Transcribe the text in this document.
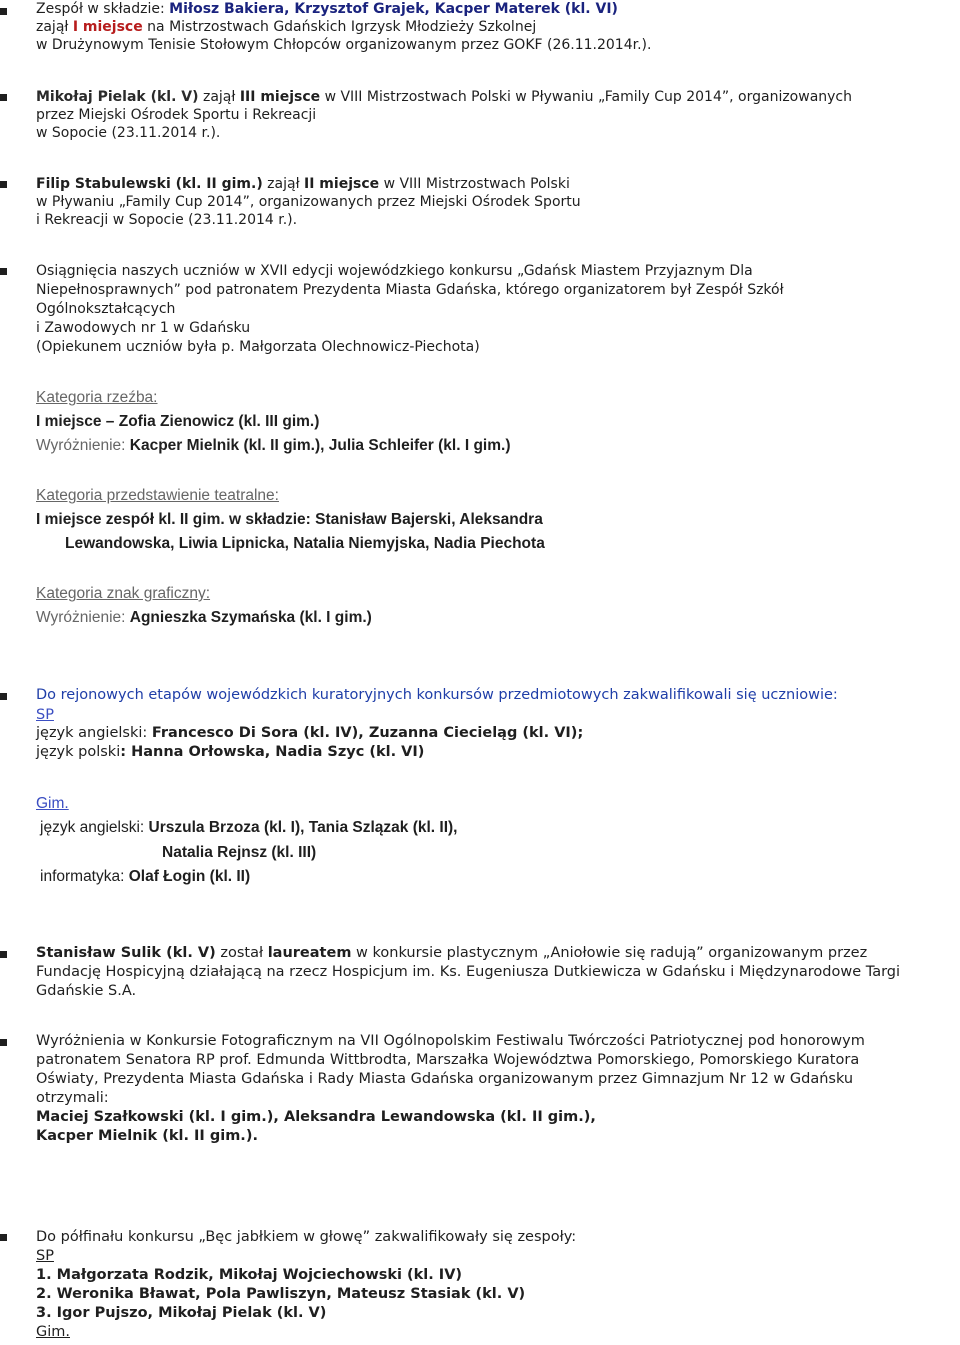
Zespół w składzie: Miłosz Bakiera, Krzysztof Grajek, Kacper Materek (kl. VI)
zajął I miejsce na Mistrzostwach Gdańskich Igrzysk Młodzieży Szkolnej
w Drużynowym Tenisie Stołowym Chłopców organizowanym przez GOKF (26.11.2014r.).
Mikołaj Pielak (kl. V) zajął III miejsce w VIII Mistrzostwach Polski w Pływaniu „Family Cup 2014”, organizowanych
przez Miejski Ośrodek Sportu i Rekreacji
w Sopocie (23.11.2014 r.).
Filip Stabulewski (kl. II gim.) zajął II miejsce w VIII Mistrzostwach Polski
w Pływaniu „Family Cup 2014”, organizowanych przez Miejski Ośrodek Sportu
i Rekreacji w Sopocie (23.11.2014 r.).
Osiągnięcia naszych uczniów w XVII edycji wojewódzkiego konkursu „Gdańsk Miastem Przyjaznym Dla
Niepełnosprawnych” pod patronatem Prezydenta Miasta Gdańska, którego organizatorem był Zespół Szkół
Ogólnokształcących
i Zawodowych nr 1 w Gdańsku
(Opiekunem uczniów była p. Małgorzata Olechnowicz-Piechota)
Kategoria rzeźba:
I miejsce – Zofia Zienowicz (kl. III gim.)
Wyróżnienie: Kacper Mielnik (kl. II gim.), Julia Schleifer (kl. I gim.)
Kategoria przedstawienie teatralne:
I miejsce zespół kl. II gim. w składzie: Stanisław Bajerski, Aleksandra
Lewandowska, Liwia Lipnicka, Natalia Niemyjska, Nadia Piechota
Kategoria znak graficzny:
Wyróżnienie: Agnieszka Szymańska (kl. I gim.)
Do rejonowych etapów wojewódzkich kuratoryjnych konkursów przedmiotowych zakwalifikowali się uczniowie:
SP
język angielski: Francesco Di Sora (kl. IV), Zuzanna Ciecieląg (kl. VI);
język polski: Hanna Orłowska, Nadia Szyc (kl. VI)
Gim.
język angielski: Urszula Brzoza (kl. I), Tania Szlązak (kl. II),
Natalia Rejnsz (kl. III)
informatyka: Olaf Łogin (kl. II)
Stanisław Sulik (kl. V) został laureatem w konkursie plastycznym „Aniołowie się radują” organizowanym przez
Fundację Hospicyjną działającą na rzecz Hospicjum im. Ks. Eugeniusza Dutkiewicza w Gdańsku i Międzynarodowe Targi
Gdańskie S.A.
Wyróżnienia w Konkursie Fotograficznym na VII Ogólnopolskim Festiwalu Twórczości Patriotycznej pod honorowym
patronatem Senatora RP prof. Edmunda Wittbrodta, Marszałka Województwa Pomorskiego, Pomorskiego Kuratora
Oświaty, Prezydenta Miasta Gdańska i Rady Miasta Gdańska organizowanym przez Gimnazjum Nr 12 w Gdańsku
otrzymali:
Maciej Szałkowski (kl. I gim.), Aleksandra Lewandowska (kl. II gim.),
Kacper Mielnik (kl. II gim.).
Do półfinału konkursu „Bęc jabłkiem w głowę” zakwalifikowały się zespoły:
SP
1. Małgorzata Rodzik, Mikołaj Wojciechowski (kl. IV)
2. Weronika Bławat, Pola Pawliszyn, Mateusz Stasiak (kl. V)
3. Igor Pujszo, Mikołaj Pielak (kl. V)
Gim.
